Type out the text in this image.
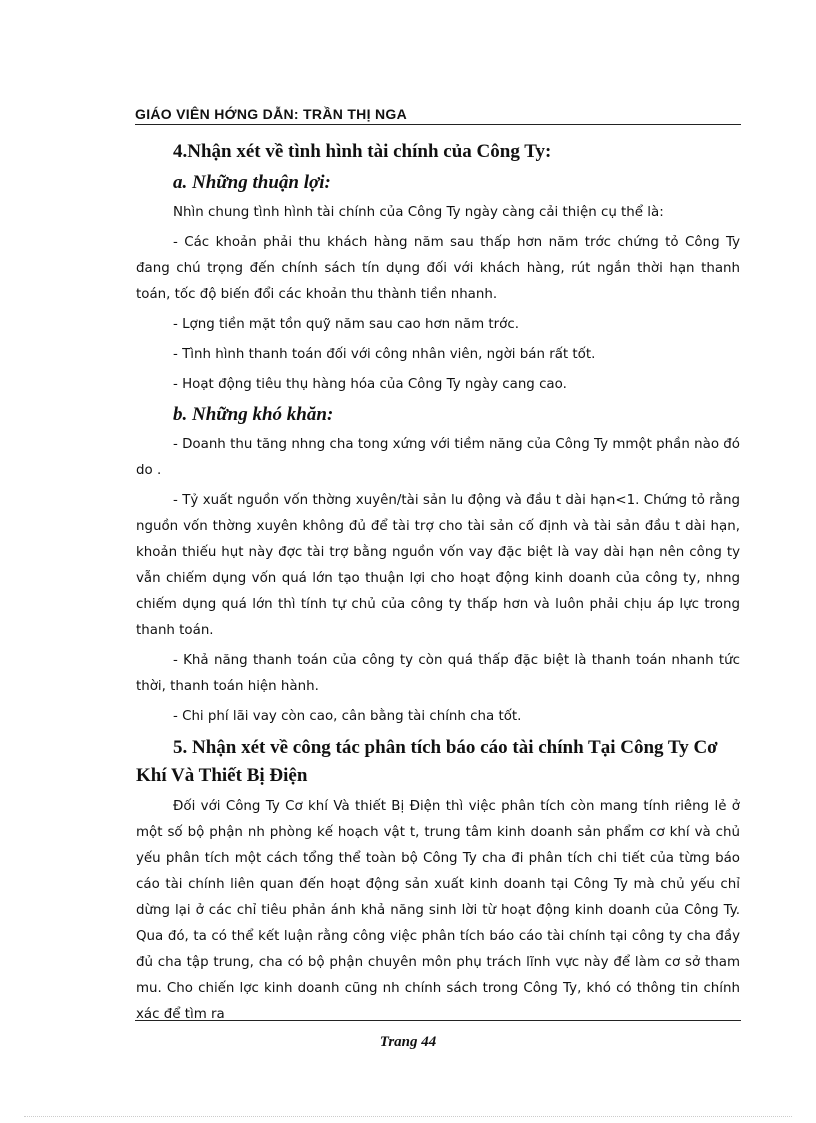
GIÁO VIÊN HỚNG DẪN: TRẦN THỊ NGA
4.Nhận xét về tình hình tài chính của Công Ty:
a. Những thuận lợi:

Nhìn chung tình hình tài chính của Công Ty ngày càng cải thiện cụ thể là:

- Các khoản phải thu khách hàng năm sau thấp hơn năm trớc chứng tỏ Công Ty đang chú trọng đến chính sách tín dụng đối với khách hàng, rút ngắn thời hạn thanh toán, tốc độ biến đổi các khoản thu thành tiền nhanh.

- Lợng tiền mặt tồn quỹ năm sau cao hơn năm trớc.

- Tình hình thanh toán đối với công nhân viên, ngời bán rất tốt.

- Hoạt động tiêu thụ hàng hóa của Công Ty ngày cang cao.

b. Những khó khăn:

- Doanh thu tăng nhng cha tong xứng với tiềm năng của Công Ty mmột phần nào đó do .

- Tỷ xuất nguồn vốn thờng xuyên/tài sản lu động và đầu t dài hạn<1. Chứng tỏ rằng nguồn vốn thờng xuyên không đủ để tài trợ cho tài sản cố định và tài sản đầu t dài hạn, khoản thiếu hụt này đợc tài trợ bằng nguồn vốn vay đặc biệt là vay dài hạn nên công ty vẫn chiếm dụng vốn quá lớn tạo thuận lợi cho hoạt động kinh doanh của công ty, nhng chiếm dụng quá lớn thì tính tự chủ của công ty thấp hơn và luôn phải chịu áp lực trong thanh toán.

- Khả năng thanh toán của công ty còn quá thấp đặc biệt là thanh toán nhanh tức thời, thanh toán hiện hành.

- Chi phí lãi vay còn cao, cân bằng tài chính cha tốt.

5. Nhận xét về công tác phân tích báo cáo tài chính Tại Công Ty Cơ Khí Và Thiết Bị Điện

Đối với Công Ty Cơ khí Và thiết Bị Điện thì việc phân tích còn mang tính riêng lẻ ở một số bộ phận nh phòng kế hoạch vật t, trung tâm kinh doanh sản phẩm cơ khí và chủ yếu phân tích một cách tổng thể toàn bộ Công Ty cha đi phân tích chi tiết của từng báo cáo tài chính liên quan đến hoạt động sản xuất kinh doanh tại Công Ty mà chủ yếu chỉ dừng lại ở các chỉ tiêu phản ánh khả năng sinh lời từ hoạt động kinh doanh của Công Ty. Qua đó, ta có thể kết luận rằng công việc phân tích báo cáo tài chính tại công ty cha đầy đủ cha tập trung, cha có bộ phận chuyên môn phụ trách lĩnh vực này để làm cơ sở tham mu. Cho chiến lợc kinh doanh cũng nh chính sách trong Công Ty, khó có thông tin chính xác để tìm ra

Trang 44
